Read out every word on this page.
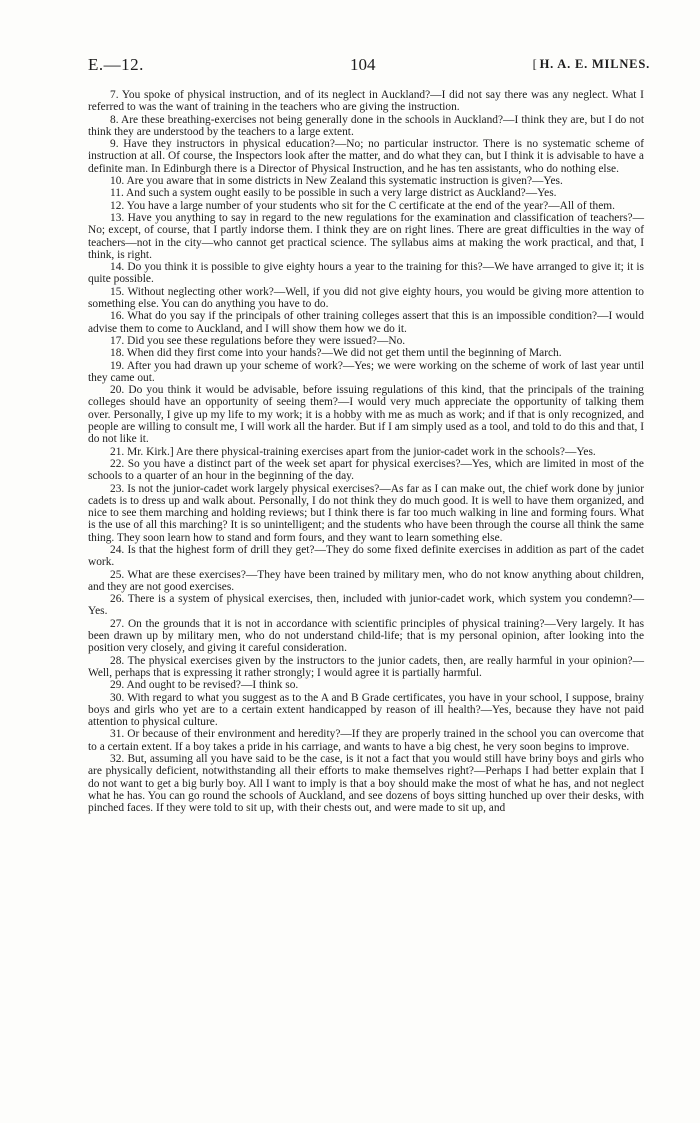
E.—12.	104	[ H. A. E. MILNES.

7. You spoke of physical instruction, and of its neglect in Auckland?—I did not say there was any neglect. What I referred to was the want of training in the teachers who are giving the instruction.

8. Are these breathing-exercises not being generally done in the schools in Auckland?—I think they are, but I do not think they are understood by the teachers to a large extent.

9. Have they instructors in physical education?—No; no particular instructor. There is no systematic scheme of instruction at all. Of course, the Inspectors look after the matter, and do what they can, but I think it is advisable to have a definite man. In Edinburgh there is a Director of Physical Instruction, and he has ten assistants, who do nothing else.

10. Are you aware that in some districts in New Zealand this systematic instruction is given?—Yes.

11. And such a system ought easily to be possible in such a very large district as Auckland?—Yes.

12. You have a large number of your students who sit for the C certificate at the end of the year?—All of them.

13. Have you anything to say in regard to the new regulations for the examination and classification of teachers?—No; except, of course, that I partly indorse them. I think they are on right lines. There are great difficulties in the way of teachers—not in the city—who cannot get practical science. The syllabus aims at making the work practical, and that, I think, is right.

14. Do you think it is possible to give eighty hours a year to the training for this?—We have arranged to give it; it is quite possible.

15. Without neglecting other work?—Well, if you did not give eighty hours, you would be giving more attention to something else. You can do anything you have to do.

16. What do you say if the principals of other training colleges assert that this is an impossible condition?—I would advise them to come to Auckland, and I will show them how we do it.

17. Did you see these regulations before they were issued?—No.

18. When did they first come into your hands?—We did not get them until the beginning of March.

19. After you had drawn up your scheme of work?—Yes; we were working on the scheme of work of last year until they came out.

20. Do you think it would be advisable, before issuing regulations of this kind, that the principals of the training colleges should have an opportunity of seeing them?—I would very much appreciate the opportunity of talking them over. Personally, I give up my life to my work; it is a hobby with me as much as work; and if that is only recognized, and people are willing to consult me, I will work all the harder. But if I am simply used as a tool, and told to do this and that, I do not like it.

21. Mr. Kirk.] Are there physical-training exercises apart from the junior-cadet work in the schools?—Yes.

22. So you have a distinct part of the week set apart for physical exercises?—Yes, which are limited in most of the schools to a quarter of an hour in the beginning of the day.

23. Is not the junior-cadet work largely physical exercises?—As far as I can make out, the chief work done by junior cadets is to dress up and walk about. Personally, I do not think they do much good. It is well to have them organized, and nice to see them marching and holding reviews; but I think there is far too much walking in line and forming fours. What is the use of all this marching? It is so unintelligent; and the students who have been through the course all think the same thing. They soon learn how to stand and form fours, and they want to learn something else.

24. Is that the highest form of drill they get?—They do some fixed definite exercises in addition as part of the cadet work.

25. What are these exercises?—They have been trained by military men, who do not know anything about children, and they are not good exercises.

26. There is a system of physical exercises, then, included with junior-cadet work, which system you condemn?—Yes.

27. On the grounds that it is not in accordance with scientific principles of physical training?—Very largely. It has been drawn up by military men, who do not understand child-life; that is my personal opinion, after looking into the position very closely, and giving it careful consideration.

28. The physical exercises given by the instructors to the junior cadets, then, are really harmful in your opinion?—Well, perhaps that is expressing it rather strongly; I would agree it is partially harmful.

29. And ought to be revised?—I think so.

30. With regard to what you suggest as to the A and B Grade certificates, you have in your school, I suppose, brainy boys and girls who yet are to a certain extent handicapped by reason of ill health?—Yes, because they have not paid attention to physical culture.

31. Or because of their environment and heredity?—If they are properly trained in the school you can overcome that to a certain extent. If a boy takes a pride in his carriage, and wants to have a big chest, he very soon begins to improve.

32. But, assuming all you have said to be the case, is it not a fact that you would still have briny boys and girls who are physically deficient, notwithstanding all their efforts to make themselves right?—Perhaps I had better explain that I do not want to get a big burly boy. All I want to imply is that a boy should make the most of what he has, and not neglect what he has. You can go round the schools of Auckland, and see dozens of boys sitting hunched up over their desks, with pinched faces. If they were told to sit up, with their chests out, and were made to sit up, and
